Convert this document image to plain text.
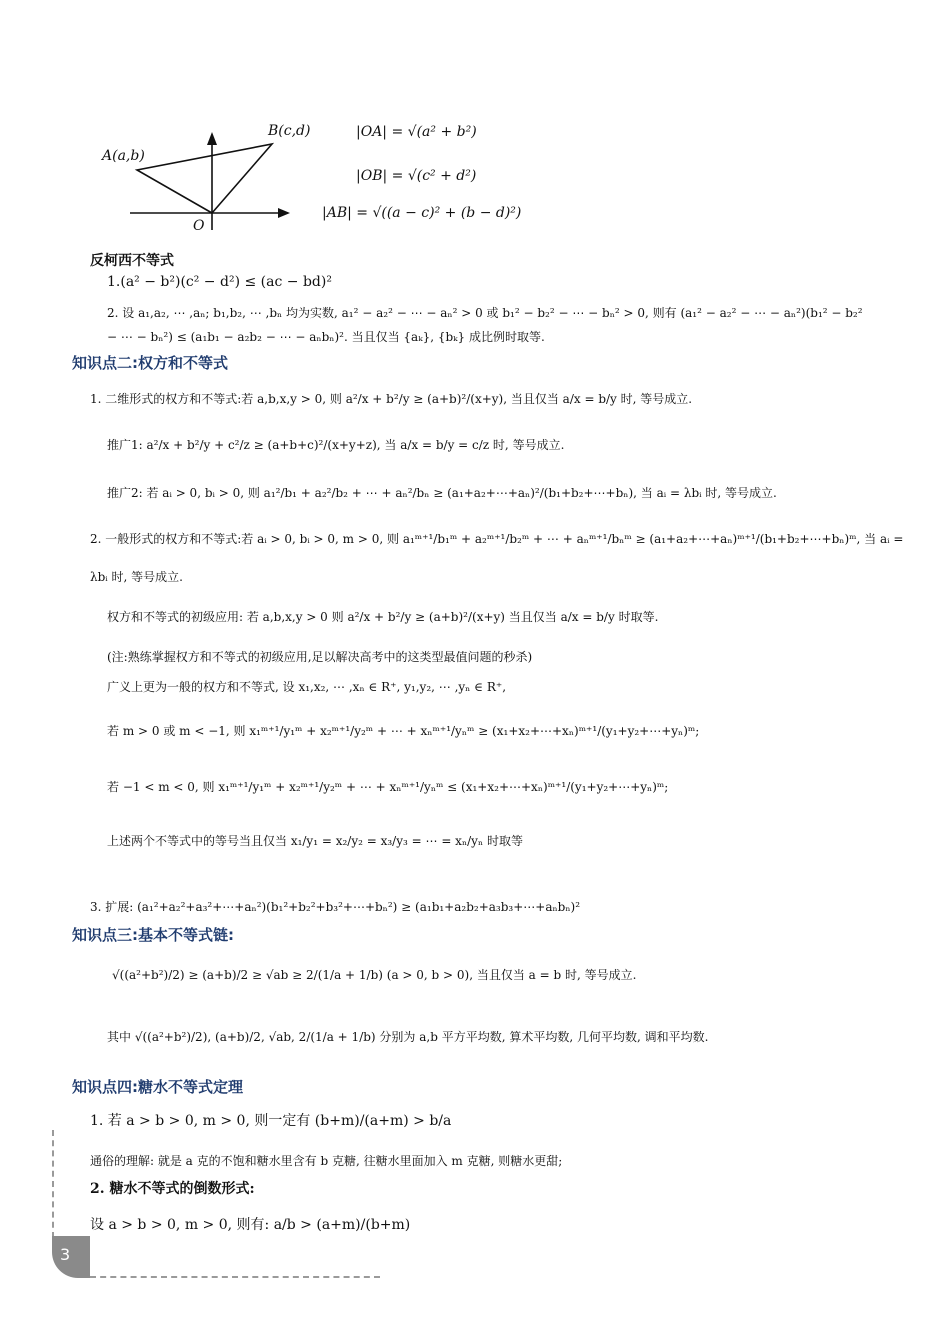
A(a,b)
B(c,d)
O
|OA| = √(a² + b²)
|OB| = √(c² + d²)
|AB| = √((a − c)² + (b − d)²)
反柯西不等式
1.(a² − b²)(c² − d²) ≤ (ac − bd)²
2. 设 a₁,a₂, ⋯ ,aₙ; b₁,b₂, ⋯ ,bₙ 均为实数, a₁² − a₂² − ⋯ − aₙ² > 0 或 b₁² − b₂² − ⋯ − bₙ² > 0, 则有 (a₁² − a₂² − ⋯ − aₙ²)(b₁² − b₂²
− ⋯ − bₙ²) ≤ (a₁b₁ − a₂b₂ − ⋯ − aₙbₙ)². 当且仅当 {aₖ}, {bₖ} 成比例时取等.
知识点二:权方和不等式
1. 二维形式的权方和不等式:若 a,b,x,y > 0, 则 a²/x + b²/y ≥ (a+b)²/(x+y), 当且仅当 a/x = b/y 时, 等号成立.
推广1: a²/x + b²/y + c²/z ≥ (a+b+c)²/(x+y+z), 当 a/x = b/y = c/z 时, 等号成立.
推广2: 若 aᵢ > 0, bᵢ > 0, 则 a₁²/b₁ + a₂²/b₂ + ⋯ + aₙ²/bₙ ≥ (a₁+a₂+⋯+aₙ)²/(b₁+b₂+⋯+bₙ), 当 aᵢ = λbᵢ 时, 等号成立.
2. 一般形式的权方和不等式:若 aᵢ > 0, bᵢ > 0, m > 0, 则 a₁ᵐ⁺¹/b₁ᵐ + a₂ᵐ⁺¹/b₂ᵐ + ⋯ + aₙᵐ⁺¹/bₙᵐ ≥ (a₁+a₂+⋯+aₙ)ᵐ⁺¹/(b₁+b₂+⋯+bₙ)ᵐ, 当 aᵢ =
λbᵢ 时, 等号成立.
权方和不等式的初级应用: 若 a,b,x,y > 0 则 a²/x + b²/y ≥ (a+b)²/(x+y) 当且仅当 a/x = b/y 时取等.
(注:熟练掌握权方和不等式的初级应用,足以解决高考中的这类型最值问题的秒杀)
广义上更为一般的权方和不等式, 设 x₁,x₂, ⋯ ,xₙ ∈ R⁺, y₁,y₂, ⋯ ,yₙ ∈ R⁺,
若 m > 0 或 m < −1, 则 x₁ᵐ⁺¹/y₁ᵐ + x₂ᵐ⁺¹/y₂ᵐ + ⋯ + xₙᵐ⁺¹/yₙᵐ ≥ (x₁+x₂+⋯+xₙ)ᵐ⁺¹/(y₁+y₂+⋯+yₙ)ᵐ;
若 −1 < m < 0, 则 x₁ᵐ⁺¹/y₁ᵐ + x₂ᵐ⁺¹/y₂ᵐ + ⋯ + xₙᵐ⁺¹/yₙᵐ ≤ (x₁+x₂+⋯+xₙ)ᵐ⁺¹/(y₁+y₂+⋯+yₙ)ᵐ;
上述两个不等式中的等号当且仅当 x₁/y₁ = x₂/y₂ = x₃/y₃ = ⋯ = xₙ/yₙ 时取等
3. 扩展: (a₁²+a₂²+a₃²+⋯+aₙ²)(b₁²+b₂²+b₃²+⋯+bₙ²) ≥ (a₁b₁+a₂b₂+a₃b₃+⋯+aₙbₙ)²
知识点三:基本不等式链:
√((a²+b²)/2) ≥ (a+b)/2 ≥ √ab ≥ 2/(1/a + 1/b) (a > 0, b > 0), 当且仅当 a = b 时, 等号成立.
其中 √((a²+b²)/2), (a+b)/2, √ab, 2/(1/a + 1/b) 分别为 a,b 平方平均数, 算术平均数, 几何平均数, 调和平均数.
知识点四:糖水不等式定理
1. 若 a > b > 0, m > 0, 则一定有 (b+m)/(a+m) > b/a
通俗的理解: 就是 a 克的不饱和糖水里含有 b 克糖, 往糖水里面加入 m 克糖, 则糖水更甜;
2. 糖水不等式的倒数形式:
设 a > b > 0, m > 0, 则有: a/b > (a+m)/(b+m)
3
